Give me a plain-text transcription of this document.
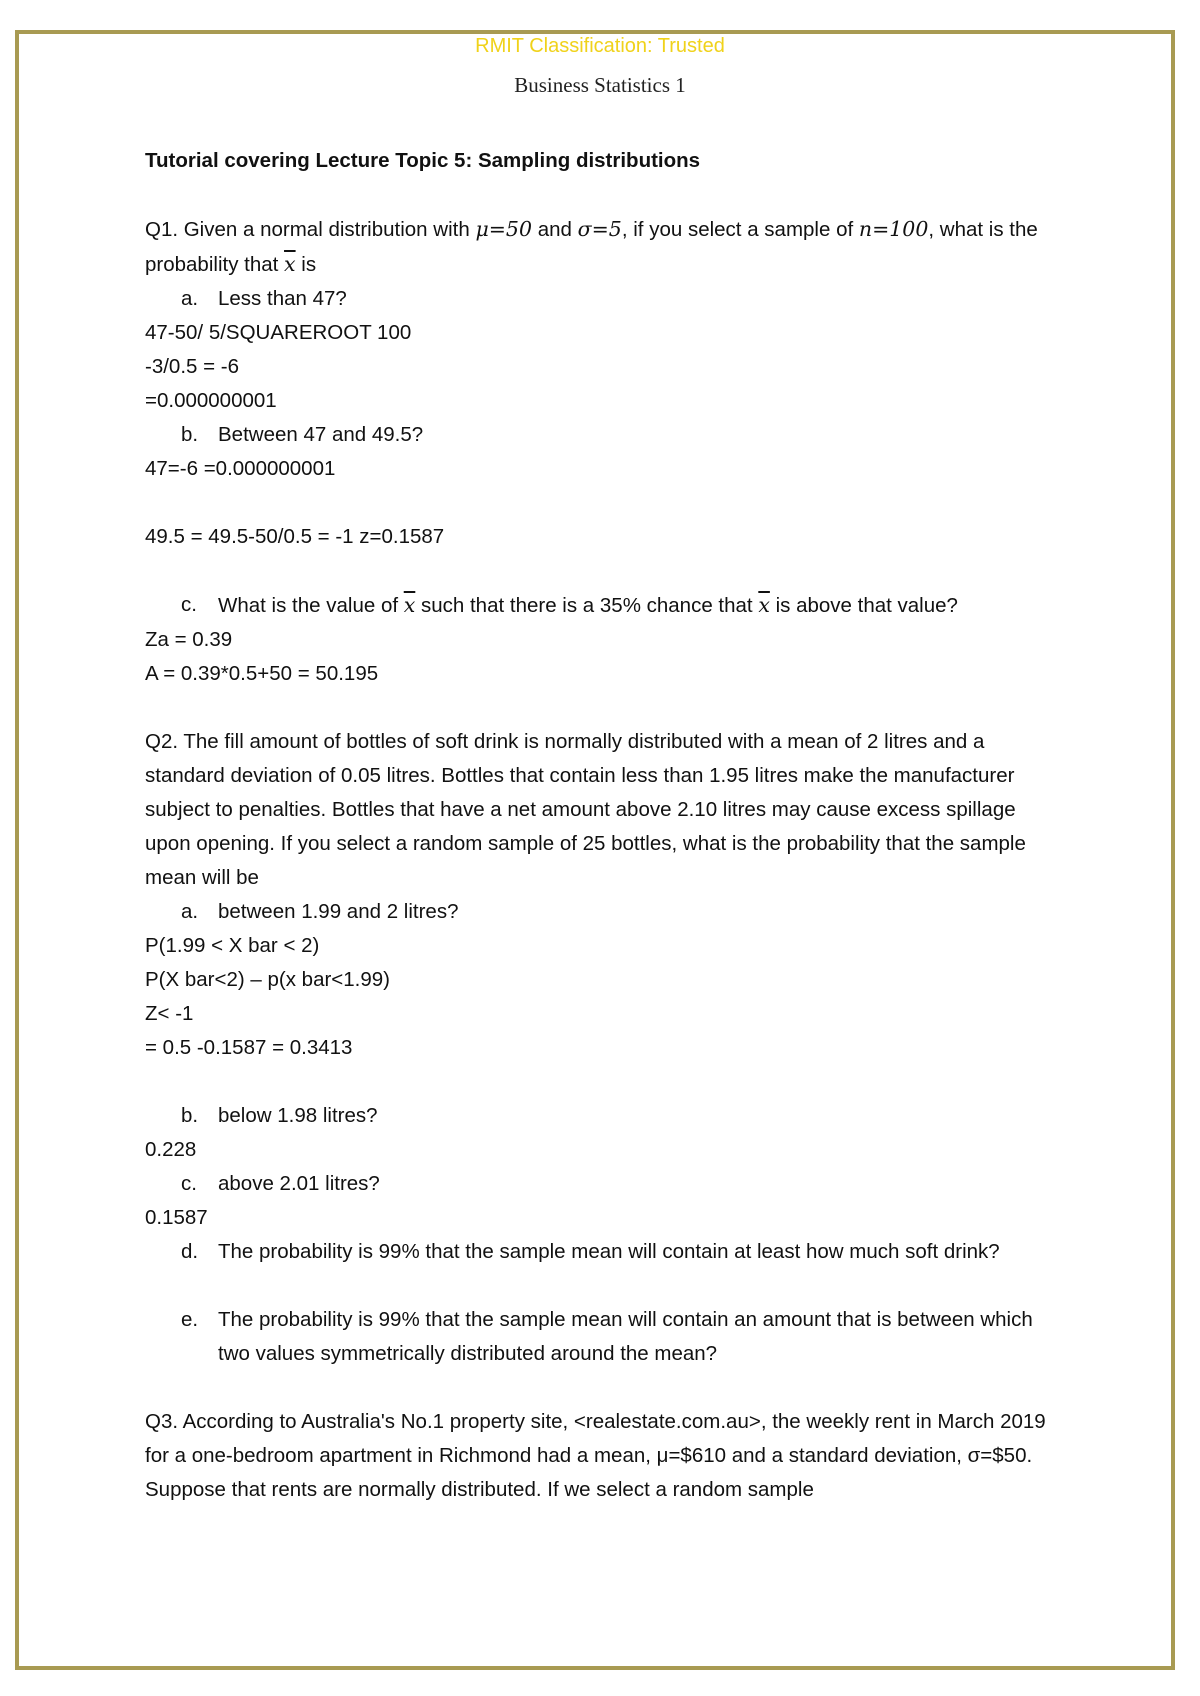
RMIT Classification: Trusted
Business Statistics 1
Tutorial covering Lecture Topic 5: Sampling distributions
Q1. Given a normal distribution with μ=50 and σ=5, if you select a sample of n=100, what is the probability that $\overline{x}$ is
a. Less than 47?
47-50/ 5/SQUAREROOT 100
-3/0.5 = -6
=0.000000001
b. Between 47 and 49.5?
47=-6 =0.000000001
49.5 = 49.5-50/0.5 = -1 z=0.1587
c.	What is the value of $\overline{x}$ such that there is a 35% chance that $\overline{x}$ is above that value?
Za = 0.39
A = 0.39*0.5+50 = 50.195
Q2. The fill amount of bottles of soft drink is normally distributed with a mean of 2 litres and a standard deviation of 0.05 litres. Bottles that contain less than 1.95 litres make the manufacturer subject to penalties. Bottles that have a net amount above 2.10 litres may cause excess spillage upon opening. If you select a random sample of 25 bottles, what is the probability that the sample mean will be
a. between 1.99 and 2 litres?
P(1.99 < X bar < 2)
P(X bar<2) – p(x bar<1.99)
Z< -1
= 0.5 -0.1587 = 0.3413
b. below 1.98 litres?
0.228
c.	above 2.01 litres?
0.1587
d. The probability is 99% that the sample mean will contain at least how much soft drink?
e. The probability is 99% that the sample mean will contain an amount that is between which two values symmetrically distributed around the mean?
Q3. According to Australia's No.1 property site, <realestate.com.au>, the weekly rent in March 2019 for a one-bedroom apartment in Richmond had a mean, μ=$610 and a standard deviation, σ=$50. Suppose that rents are normally distributed. If we select a random sample
